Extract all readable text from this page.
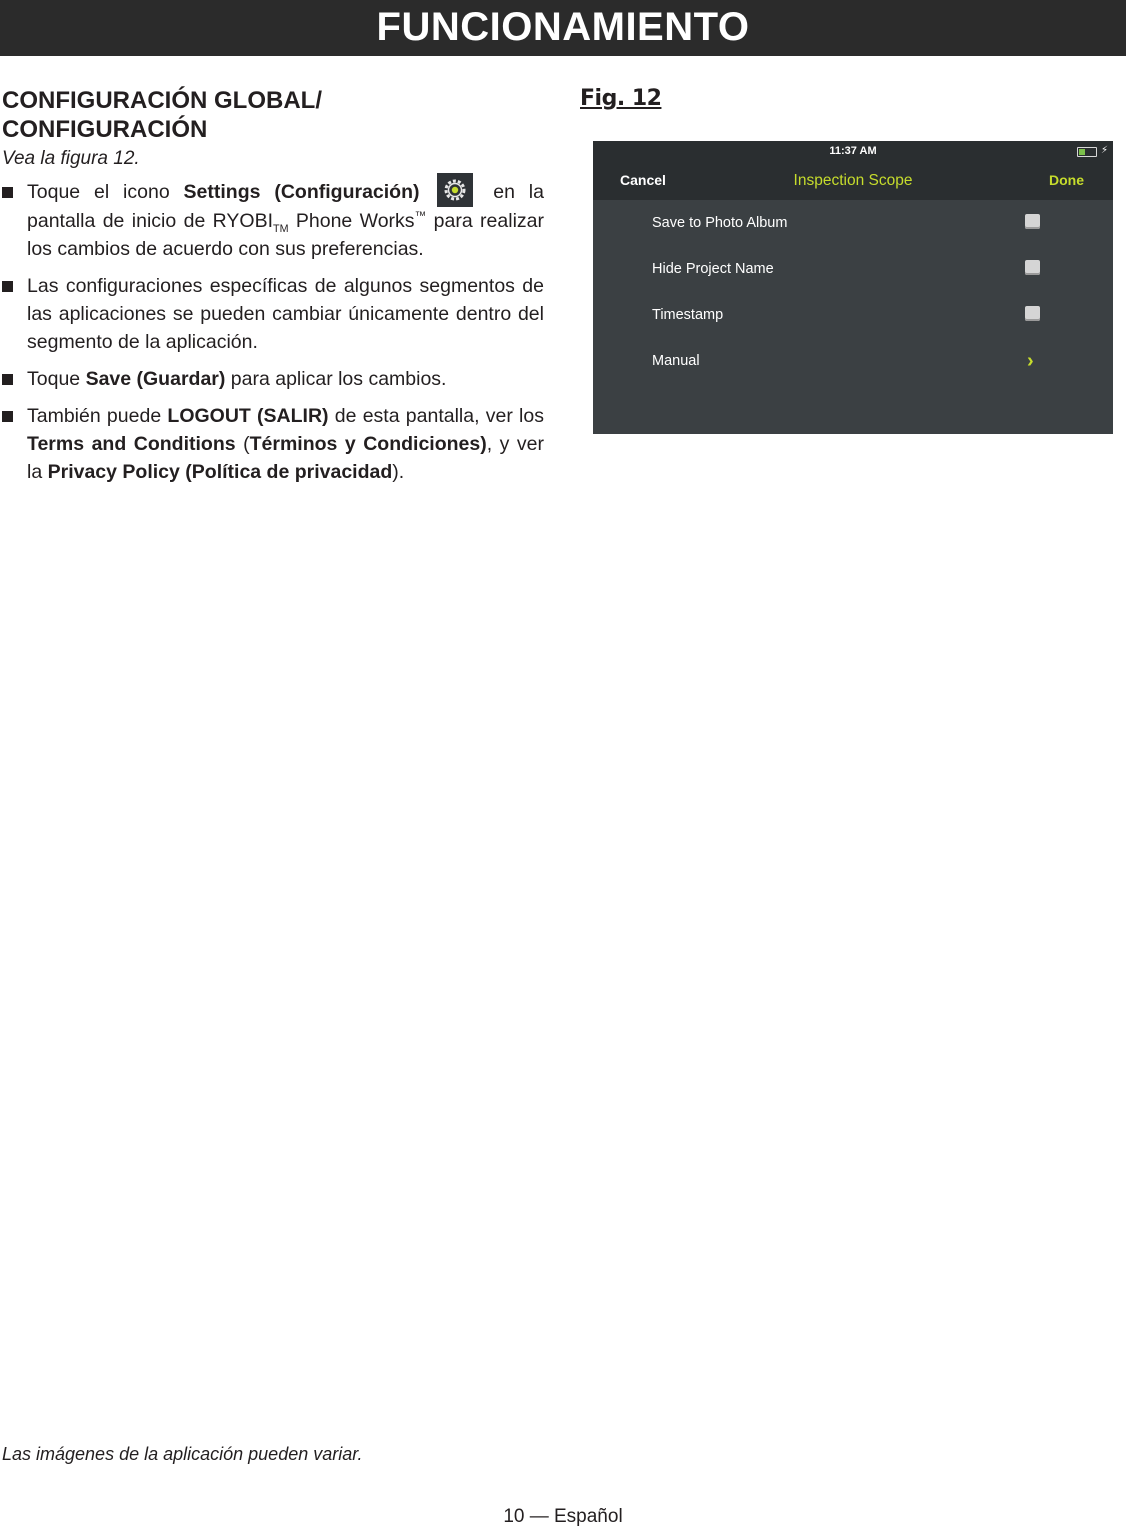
FUNCIONAMIENTO
CONFIGURACIÓN GLOBAL/ CONFIGURACIÓN
Vea la figura 12.
Toque el icono Settings (Configuración)	en la pantalla de inicio de $RYOBI_{TM}$ Phone Works™ para realizar los cambios de acuerdo con sus preferencias.
Las configuraciones específicas de algunos segmentos de las aplicaciones se pueden cambiar únicamente dentro del segmento de la aplicación.
Toque Save (Guardar) para aplicar los cambios.
También puede LOGOUT (SALIR) de esta pantalla, ver los Terms and Conditions (Términos y Condiciones), y ver la Privacy Policy (Política de privacidad).
Fig. 12
11:37 AM	⚡
Inspection Scope
Cancel	Done
Save to Photo Album
Hide Project Name
Timestamp
Manual	›
Las imágenes de la aplicación pueden variar.
10 — Español
